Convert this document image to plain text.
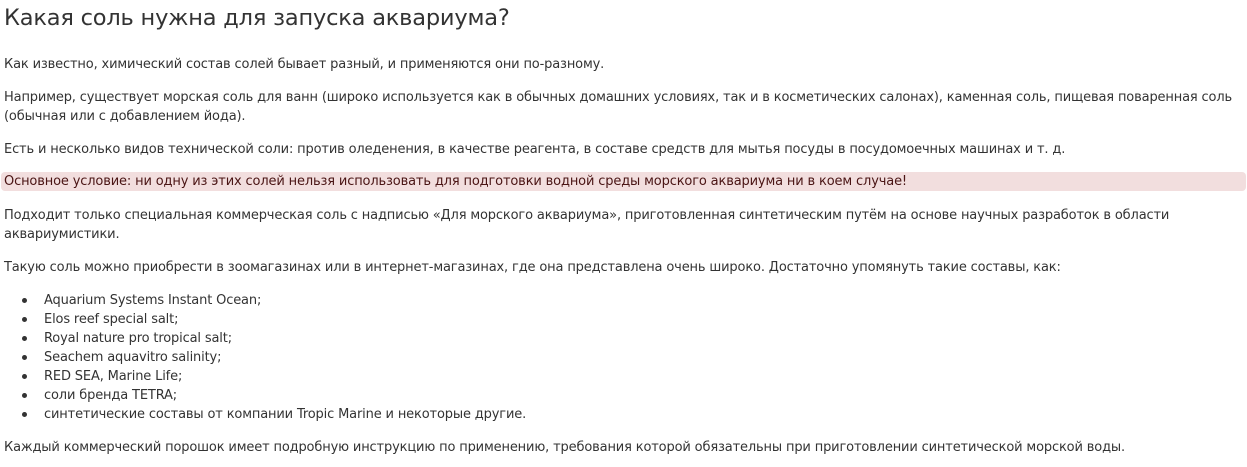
Какая соль нужна для запуска аквариума?

Как известно, химический состав солей бывает разный, и применяются они по-разному.

Например, существует морская соль для ванн (широко используется как в обычных домашних условиях, так и в косметических салонах), каменная соль, пищевая поваренная соль (обычная или с добавлением йода).

Есть и несколько видов технической соли: против оледенения, в качестве реагента, в составе средств для мытья посуды в посудомоечных машинах и т. д.

Основное условие: ни одну из этих солей нельзя использовать для подготовки водной среды морского аквариума ни в коем случае!

Подходит только специальная коммерческая соль с надписью «Для морского аквариума», приготовленная синтетическим путём на основе научных разработок в области аквариумистики.

Такую соль можно приобрести в зоомагазинах или в интернет-магазинах, где она представлена очень широко. Достаточно упомянуть такие составы, как:

Aquarium Systems Instant Ocean;
Elos reef special salt;
Royal nature pro tropical salt;
Seachem aquavitro salinity;
RED SEA, Marine Life;
соли бренда TETRA;
синтетические составы от компании Tropic Marine и некоторые другие.

Каждый коммерческий порошок имеет подробную инструкцию по применению, требования которой обязательны при приготовлении синтетической морской воды.
